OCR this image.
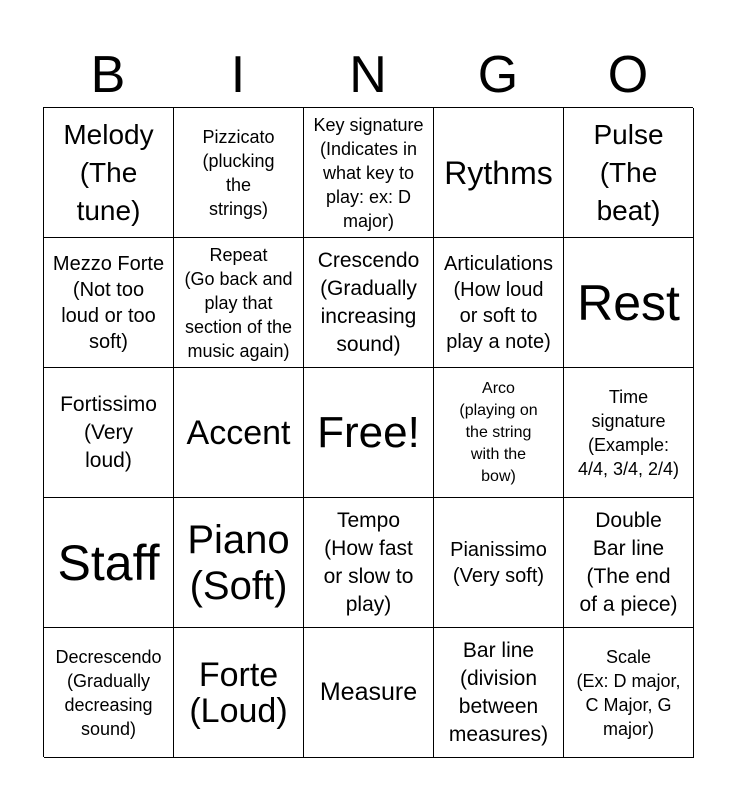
B	I	N	G	O
Melody
(The
tune)
Pizzicato
(plucking
the
strings)
Key signature
(Indicates in
what key to
play: ex: D
major)
Rythms
Pulse
(The
beat)
Mezzo Forte
(Not too
loud or too
soft)
Repeat
(Go back and
play that
section of the
music again)
Crescendo
(Gradually
increasing
sound)
Articulations
(How loud
or soft to
play a note)
Rest
Fortissimo
(Very
loud)
Accent Free!
Arco
(playing on
the string
with the
bow)
Time
signature
(Example:
4/4, 3/4, 2/4)
Staff Piano
(Soft)
Tempo
(How fast
or slow to
play)
Pianissimo
(Very soft)
Double
Bar line
(The end
of a piece)
Decrescendo
(Gradually
decreasing
sound)
Forte
(Loud) Measure
Bar line
(division
between
measures)
Scale
(Ex: D major,
C Major, G
major)
